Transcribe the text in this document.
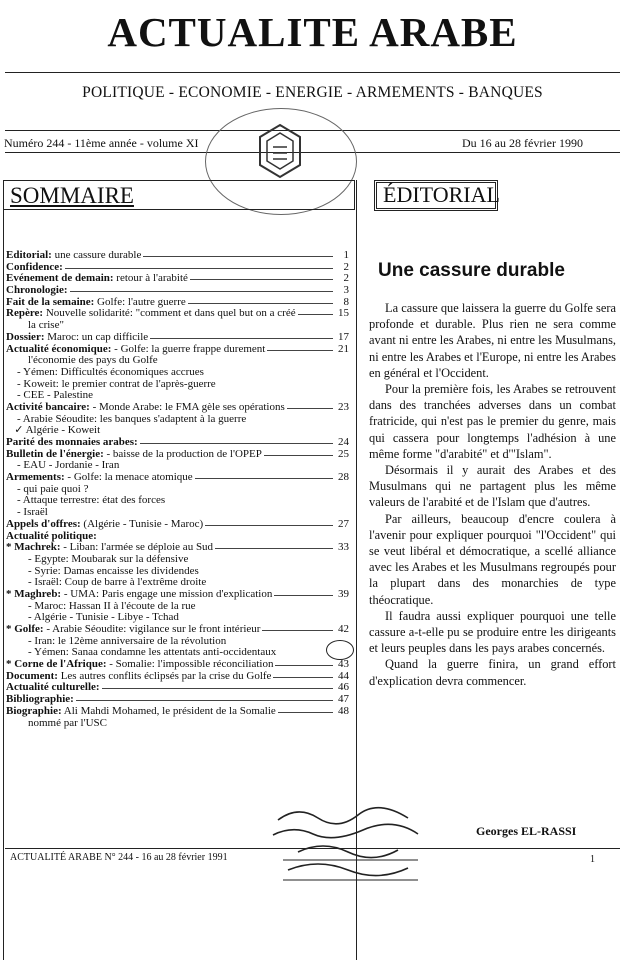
ACTUALITE ARABE
POLITIQUE - ECONOMIE - ENERGIE - ARMEMENTS - BANQUES
Numéro 244 - 11ème année - volume XI	Du 16 au 28 février 1990
SOMMAIRE	ÉDITORIAL
Editorial: une cassure durable	1
Confidence:	2
Evénement de demain: retour à l'arabité	2
Chronologie:	3
Fait de la semaine: Golfe: l'autre guerre	8
Repère: Nouvelle solidarité: "comment et dans quel but on a créé	15
la crise"
Dossier: Maroc: un cap difficile	17
Actualité économique: - Golfe: la guerre frappe durement	21
l'économie des pays du Golfe
- Yémen: Difficultés économiques accrues
- Koweit: le premier contrat de l'après-guerre
- CEE - Palestine
Activité bancaire: - Monde Arabe: le FMA gèle ses opérations	23
- Arabie Séoudite: les banques s'adaptent à la guerre
✓ Algérie - Koweit
Parité des monnaies arabes:	24
Bulletin de l'énergie: - baisse de la production de l'OPEP	25
- EAU - Jordanie - Iran
Armements: - Golfe: la menace atomique	28
- qui paie quoi ?
- Attaque terrestre: état des forces
- Israël
Appels d'offres: (Algérie - Tunisie - Maroc)	27
Actualité politique:
* Machrek: - Liban: l'armée se déploie au Sud	33
- Egypte: Moubarak sur la défensive
- Syrie: Damas encaisse les dividendes
- Israël: Coup de barre à l'extrême droite
* Maghreb: - UMA: Paris engage une mission d'explication	39
- Maroc: Hassan II à l'écoute de la rue
- Algérie - Tunisie - Libye - Tchad
* Golfe: - Arabie Séoudite: vigilance sur le front intérieur	42
- Iran: le 12ème anniversaire de la révolution
- Yémen: Sanaa condamne les attentats anti-occidentaux
* Corne de l'Afrique: - Somalie: l'impossible réconciliation	43
Document: Les autres conflits éclipsés par la crise du Golfe	44
Actualité culturelle:	46
Bibliographie:	47
Biographie: Ali Mahdi Mohamed, le président de la Somalie	48
nommé par l'USC
Une cassure durable

La cassure que laissera la guerre du Golfe sera profonde et durable. Plus rien ne sera comme avant ni entre les Arabes, ni entre les Musulmans, ni entre les Arabes et l'Europe, ni entre les Arabes en général et l'Occident.

Pour la première fois, les Arabes se retrouvent dans des tranchées adverses dans un combat fratricide, qui n'est pas le premier du genre, mais qui cassera pour longtemps l'adhésion à une même forme "d'arabité" et d'"Islam".

Désormais il y aurait des Arabes et des Musulmans qui ne partagent plus les même valeurs de l'arabité et de l'Islam que d'autres.

Par ailleurs, beaucoup d'encre coulera à l'avenir pour expliquer pourquoi "l'Occident" qui se veut libéral et démocratique, a scellé alliance avec les Arabes et les Musulmans regroupés pour la plupart dans des monarchies de type théocratique.

Il faudra aussi expliquer pourquoi une telle cassure a-t-elle pu se produire entre les dirigeants et leurs peuples dans les pays arabes concernés.

Quand la guerre finira, un grand effort d'explication devra commencer.

Georges EL-RASSI
ACTUALITÉ ARABE N° 244 - 16 au 28 février 1991	1
